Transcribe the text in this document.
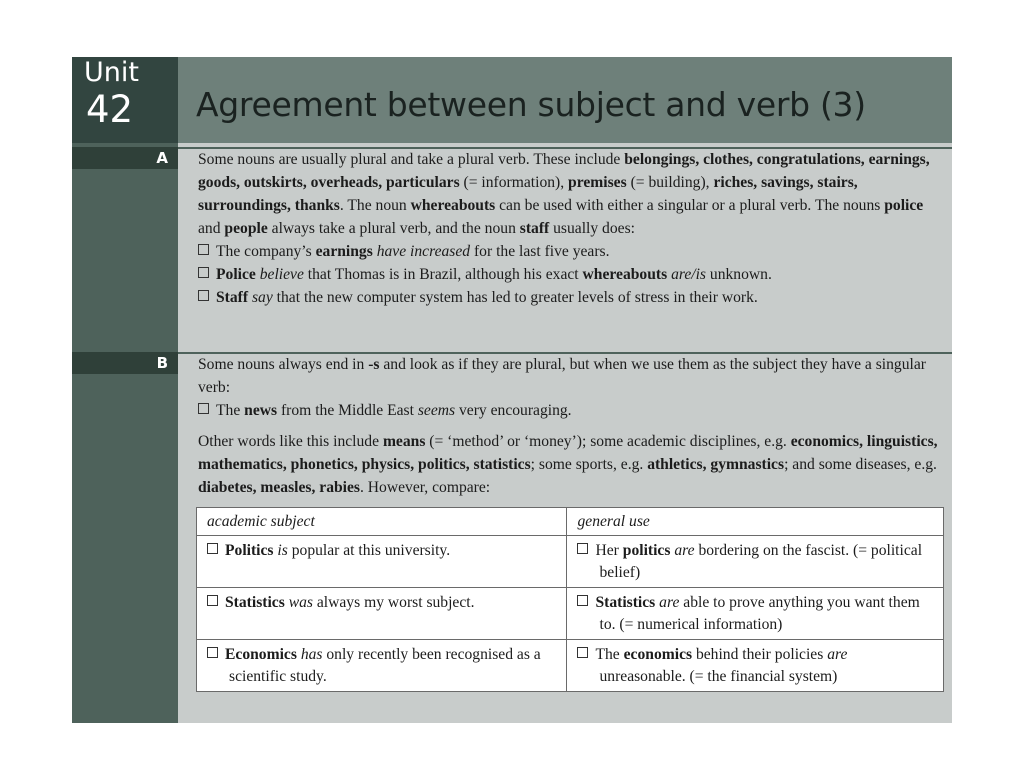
Unit
42 Agreement between subject and verb (3)
A Some nouns are usually plural and take a plural verb. These include belongings, clothes, congratulations, earnings, goods, outskirts, overheads, particulars (= information), premises (= building), riches, savings, stairs, surroundings, thanks. The noun whereabouts can be used with either a singular or a plural verb. The nouns police and people always take a plural verb, and the noun staff usually does:

The company’s earnings have increased for the last five years.

Police believe that Thomas is in Brazil, although his exact whereabouts are/is unknown.

Staff say that the new computer system has led to greater levels of stress in their work.

B Some nouns always end in -s and look as if they are plural, but when we use them as the subject they have a singular verb:

The news from the Middle East seems very encouraging.

Other words like this include means (= ‘method’ or ‘money’); some academic disciplines, e.g. economics, linguistics, mathematics, phonetics, physics, politics, statistics; some sports, e.g. athletics, gymnastics; and some diseases, e.g. diabetes, measles, rabies. However, compare:

academic subject	general use

Politics is popular at this university.	Her politics are bordering on the fascist. (= political belief)

Statistics was always my worst subject.	Statistics are able to prove anything you want them to. (= numerical information)

Economics has only recently been recognised as a scientific study.	The economics behind their policies are unreasonable. (= the financial system)
